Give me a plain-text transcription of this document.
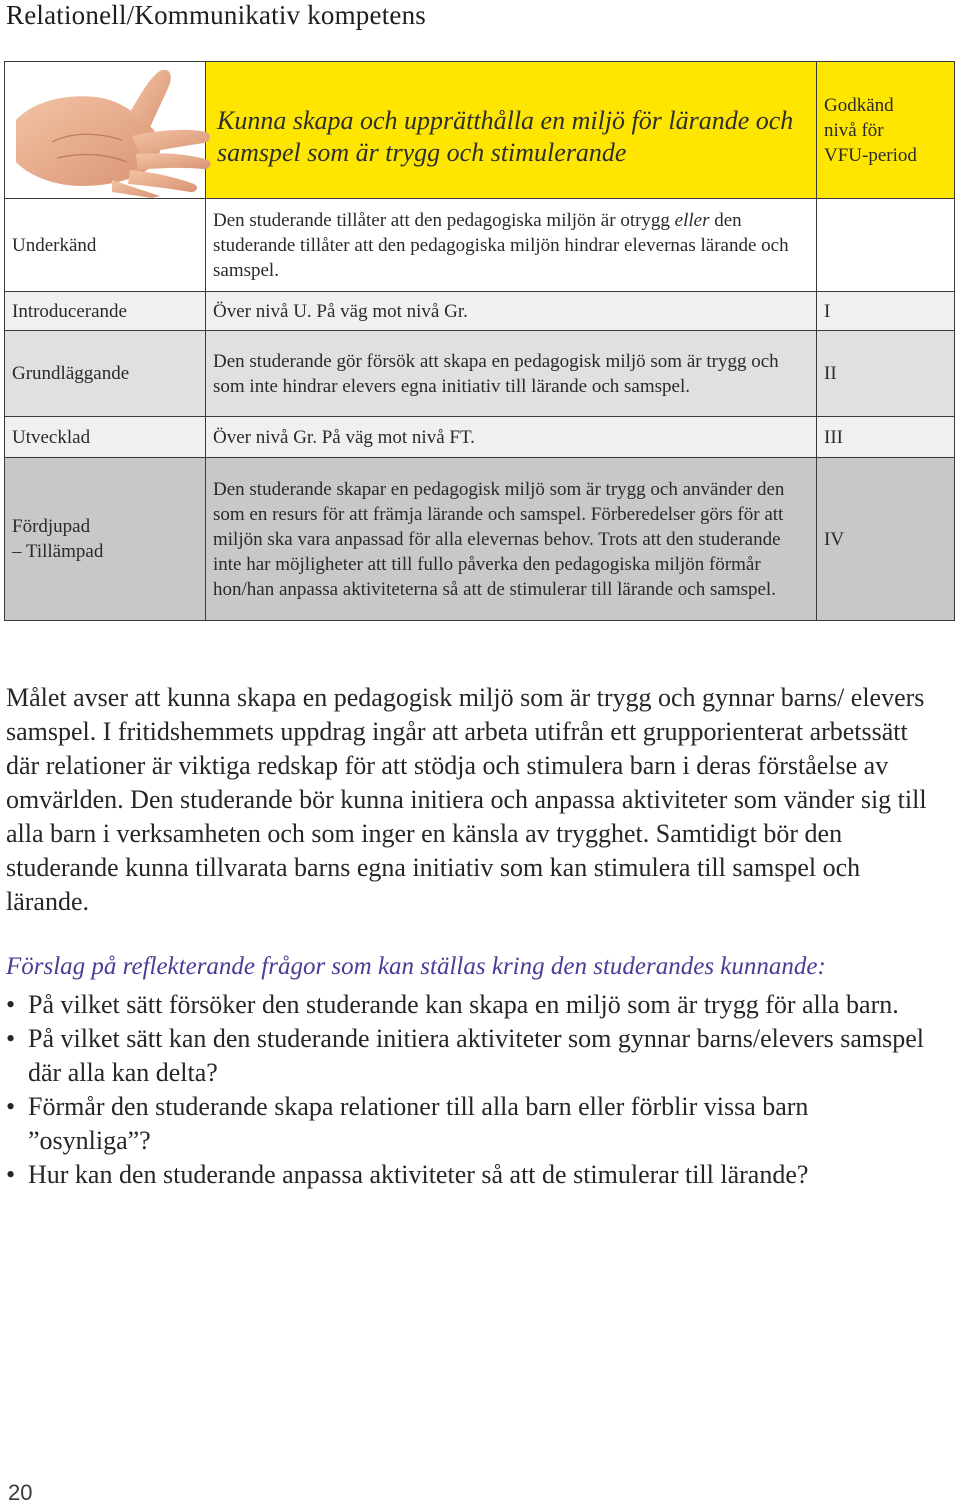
Relationell/Kommunikativ kompetens

Kunna skapa och upprätthålla en miljö för lärande och samspel som är trygg och stimulerande	Godkänd
nivå för
VFU-period

Underkänd	Den studerande tillåter att den pedagogiska miljön är otrygg eller den studerande tillåter att den pedagogiska miljön hindrar elevernas lärande och samspel.	
Introducerande	Över nivå U. På väg mot nivå Gr.	I
Grundläggande	Den studerande gör försök att skapa en pedagogisk miljö som är trygg och som inte hindrar elevers egna initiativ till lärande och samspel.	II
Utvecklad	Över nivå Gr. På väg mot nivå FT.	III

Fördjupad
– Tillämpad	Den studerande skapar en pedagogisk miljö som är trygg och använder den som en resurs för att främja lärande och samspel. Förberedelser görs för att miljön ska vara anpassad för alla elevernas behov. Trots att den studerande inte har möjligheter att till fullo påverka den pedagogiska miljön förmår hon/han anpassa aktiviteterna så att de stimulerar till lärande och samspel.	IV
Målet avser att kunna skapa en pedagogisk miljö som är trygg och gynnar barns/ elevers samspel. I fritidshemmets uppdrag ingår att arbeta utifrån ett grupporienterat arbetssätt där relationer är viktiga redskap för att stödja och stimulera barn i deras förståelse av omvärlden. Den studerande bör kunna initiera och anpassa aktiviteter som vänder sig till alla barn i verksamheten och som inger en känsla av trygghet. Samtidigt bör den studerande kunna tillvarata barns egna initiativ som kan stimulera till samspel och lärande.
Förslag på reflekterande frågor som kan ställas kring den studerandes kunnande:
• På vilket sätt försöker den studerande kan skapa en miljö som är trygg för alla barn.
• På vilket sätt kan den studerande initiera aktiviteter som gynnar barns/elevers samspel där alla kan delta?
• Förmår den studerande skapa relationer till alla barn eller förblir vissa barn ”osynliga”?
• Hur kan den studerande anpassa aktiviteter så att de stimulerar till lärande?
20
